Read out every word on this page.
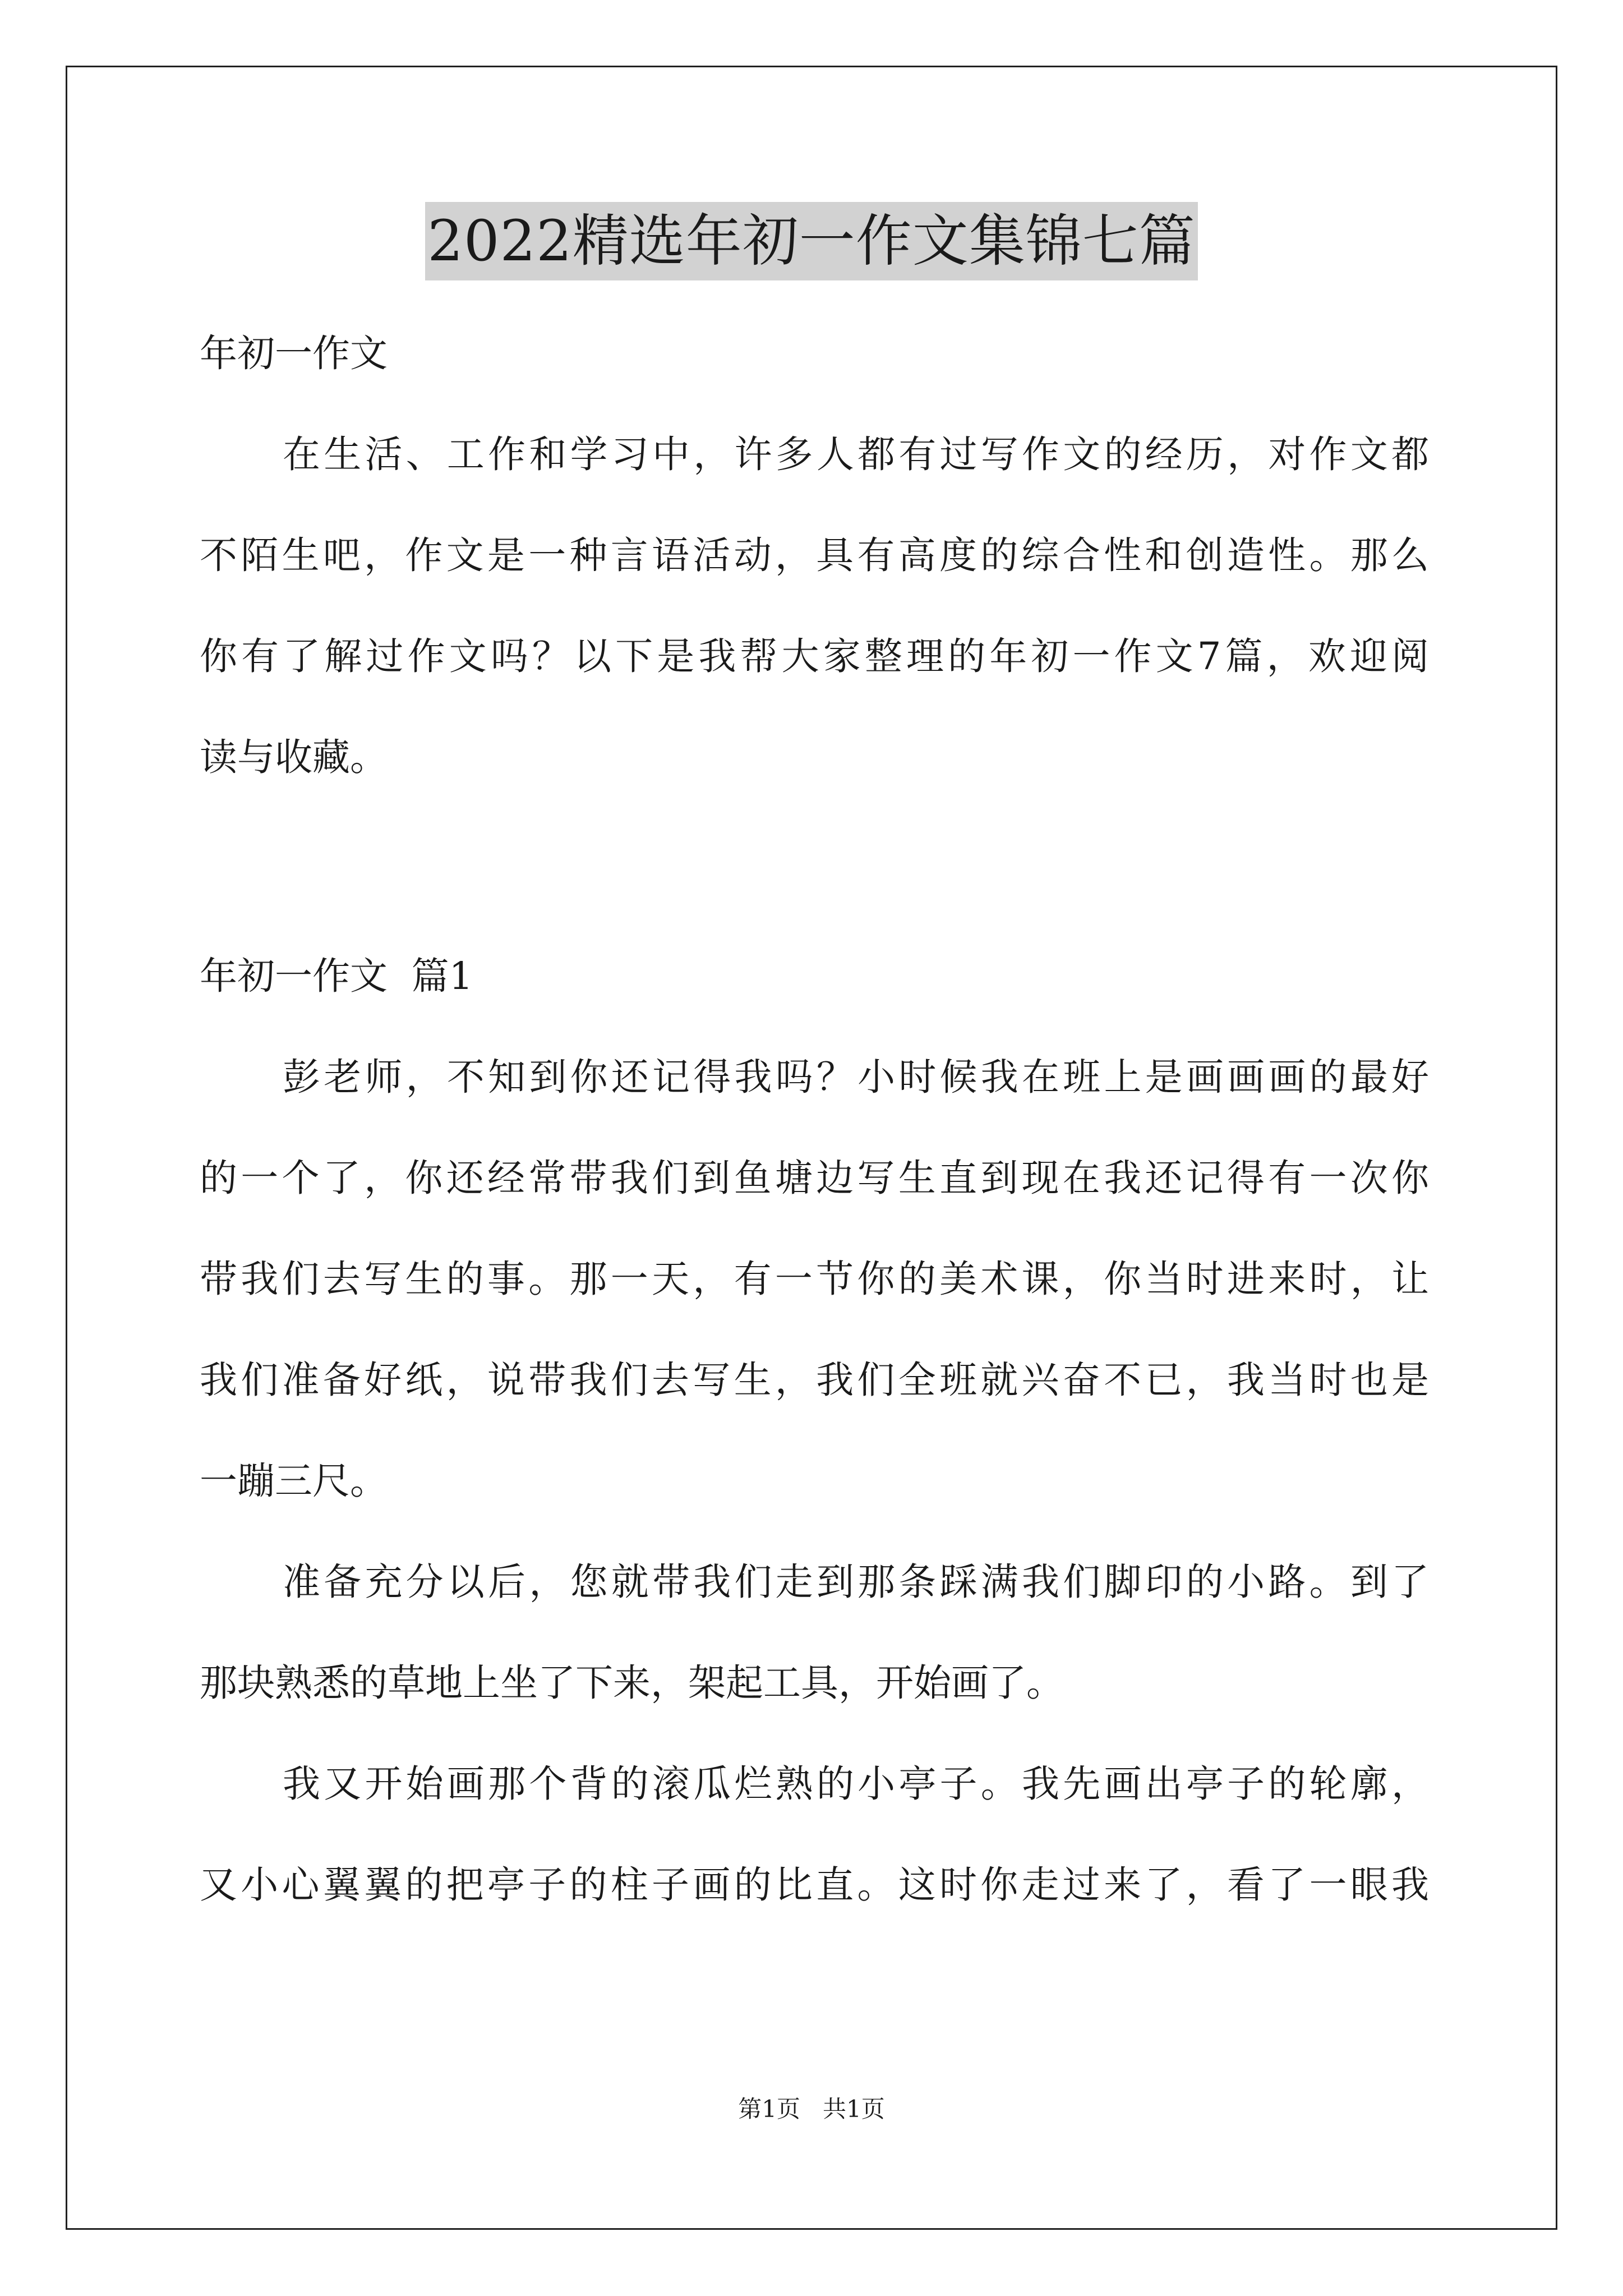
2022精选年初一作文集锦七篇
年初一作文
在生活、工作和学习中，许多人都有过写作文的经历，对作文都
不陌生吧，作文是一种言语活动，具有高度的综合性和创造性。那么
你有了解过作文吗？以下是我帮大家整理的年初一作文7篇，欢迎阅
读与收藏。
年初一作文  篇1
彭老师，不知到你还记得我吗？小时候我在班上是画画画的最好
的一个了，你还经常带我们到鱼塘边写生直到现在我还记得有一次你
带我们去写生的事。那一天，有一节你的美术课，你当时进来时，让
我们准备好纸，说带我们去写生，我们全班就兴奋不已，我当时也是
一蹦三尺。
准备充分以后，您就带我们走到那条踩满我们脚印的小路。到了
那块熟悉的草地上坐了下来，架起工具，开始画了。
我又开始画那个背的滚瓜烂熟的小亭子。我先画出亭子的轮廓，
又小心翼翼的把亭子的柱子画的比直。这时你走过来了，看了一眼我
第1页   共1页
